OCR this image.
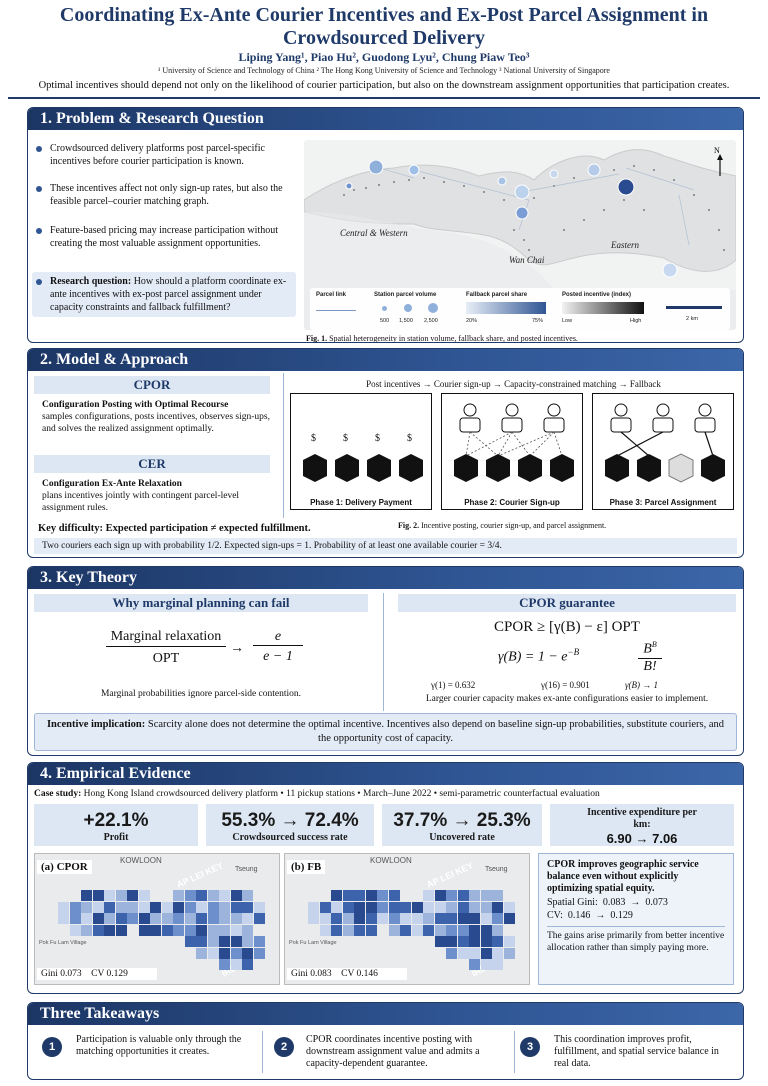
Coordinating Ex-Ante Courier Incentives and Ex-Post Parcel Assignment in Crowdsourced Delivery
Liping Yang¹, Piao Hu², Guodong Lyu², Chung Piaw Teo³
¹ University of Science and Technology of China ² The Hong Kong University of Science and Technology ³ National University of Singapore
Optimal incentives should depend not only on the likelihood of courier participation, but also on the downstream assignment opportunities that participation creates.
1. Problem & Research Question
Crowdsourced delivery platforms post parcel-specific incentives before courier participation is known.
These incentives affect not only sign-up rates, but also the feasible parcel–courier matching graph.
Feature-based pricing may increase participation without creating the most valuable assignment opportunities.
Research question: How should a platform coordinate ex-ante incentives with ex-post parcel assignment under capacity constraints and fallback fulfillment?
N
Central & Western
Wan Chai
Eastern
Parcel link	Station parcel volume
500 1,500 2,500
Fallback parcel share
20%	75%
Posted incentive (index)
Low	High	2 km
Fig. 1. Spatial heterogeneity in station volume, fallback share, and posted incentives.
2. Model & Approach
CPOR
Configuration Posting with Optimal Recourse
samples configurations, posts incentives, observes sign-ups, and solves the realized assignment optimally.
CER
Configuration Ex-Ante Relaxation
plans incentives jointly with contingent parcel-level assignment rules.
Key difficulty: Expected participation ≠ expected fulfillment.
Two couriers each sign up with probability 1/2. Expected sign-ups = 1. Probability of at least one available courier = 3/4.
Post incentives → Courier sign-up → Capacity-constrained matching → Fallback
$	$	$	$
Phase 1: Delivery Payment	Phase 2: Courier Sign-up	Phase 3: Parcel Assignment
Fig. 2. Incentive posting, courier sign-up, and parcel assignment.
3. Key Theory
Why marginal planning can fail	CPOR guarantee
Marginal relaxation
OPT
→ $\frac{e}{e - 1}$
Marginal probabilities ignore parcel-side contention.
CPOR ≥ [γ(B) − ε] OPT
$\gamma(B) = 1 - e^{-B}$	$B^B$
B!
γ(1) = 0.632	γ(16) = 0.901	γ(B) → 1
Larger courier capacity makes ex-ante configurations easier to implement.
Incentive implication: Scarcity alone does not determine the optimal incentive. Incentives also depend on baseline sign-up probabilities, substitute couriers, and the opportunity cost of capacity.
4. Empirical Evidence
Case study: Hong Kong Island crowdsourced delivery platform • 11 pickup stations • March–June 2022 • semi-parametric counterfactual evaluation
+22.1%
Profit
55.3% → 72.4%
Crowdsourced success rate
37.7% → 25.3%
Uncovered rate
Incentive expenditure per km:
6.90 → 7.06
KOWLOON
Tseung
AP LEI KEY
Pok Fu Lam Village
(a) CPOR
Gini 0.073    CV 0.129
KOWLOON
Tseung
AP LEI KEY
Pok Fu Lam Village
(b) FB
Gini 0.083    CV 0.146
CPOR improves geographic service balance even without explicitly optimizing spatial equity.
Spatial Gini:  0.083  →  0.073
CV:  0.146  →  0.129
The gains arise primarily from better incentive allocation rather than simply paying more.
Three Takeaways
1
Participation is valuable only through the matching opportunities it creates.	2
CPOR coordinates incentive posting with downstream assignment value and admits a capacity-dependent guarantee.
3
This coordination improves profit, fulfillment, and spatial service balance in real data.
